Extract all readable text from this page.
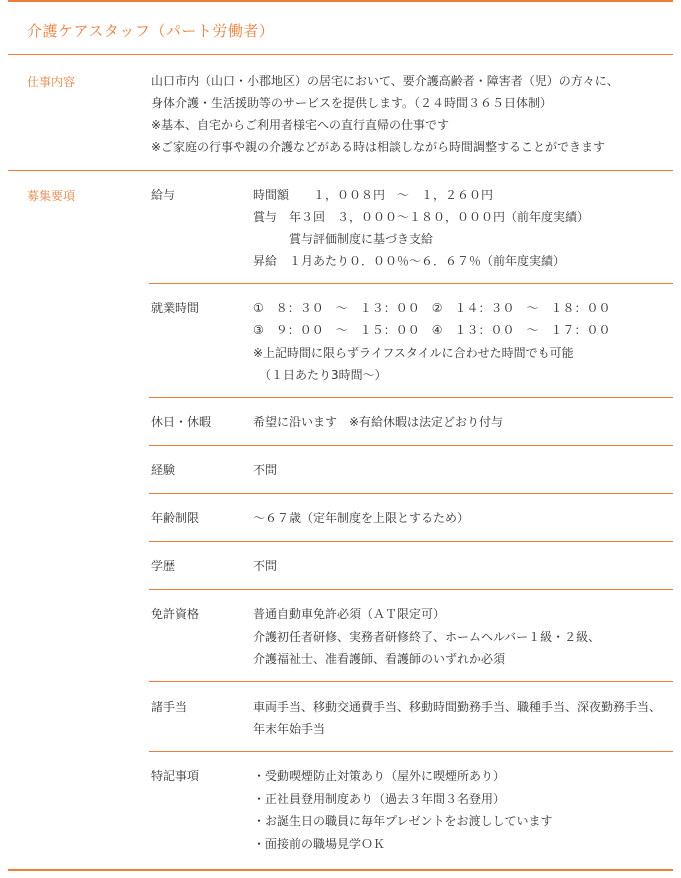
介護ケアスタッフ（パート労働者）
仕事内容	山口市内（山口・小郡地区）の居宅において、要介護高齢者・障害者（児）の方々に、
身体介護・生活援助等のサービスを提供します。（２４時間３６５日体制）
※基本、自宅からご利用者様宅への直行直帰の仕事です
※ご家庭の行事や親の介護などがある時は相談しながら時間調整することができます
募集要項	給与	時間額　　１，００８円　～　１，２６０円
賞与　年３回　３，０００～１８０，０００円（前年度実績）
　　　賞与評価制度に基づき支給
昇給　１月あたり０．００％～６．６７％（前年度実績）
就業時間	①　８：３０　～　１３：００　②　１４：３０　～　１８：００
③　９：００　～　１５：００　④　１３：００　～　１７：００
※上記時間に限らずライフスタイルに合わせた時間でも可能
　（１日あたり3時間～）
休日・休暇	希望に沿います　※有給休暇は法定どおり付与
経験	不問
年齢制限	～６７歳（定年制度を上限とするため）
学歴	不問
免許資格	普通自動車免許必須（ＡＴ限定可）
介護初任者研修、実務者研修終了、ホームヘルバー１級・２級、
介護福祉士、准看護師、看護師のいずれか必須
諸手当	車両手当、移動交通費手当、移動時間勤務手当、職種手当、深夜勤務手当、
年末年始手当
特記事項	・受動喫煙防止対策あり（屋外に喫煙所あり）
・正社員登用制度あり（過去３年間３名登用）
・お誕生日の職員に毎年プレゼントをお渡ししています
・面接前の職場見学ＯＫ
